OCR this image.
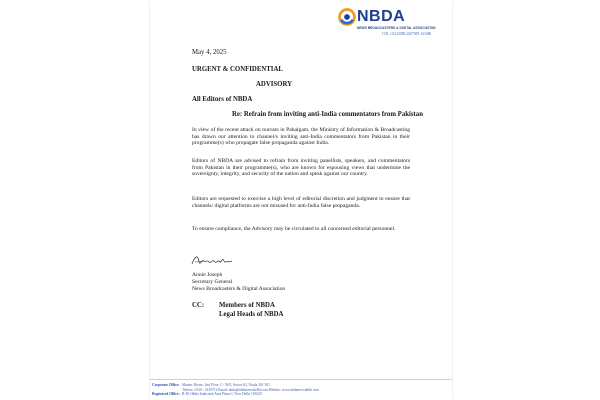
NBDA
NEWS BROADCASTERS & DIGITAL ASSOCIATION
CIN: U22100DL2007NPL163480
May 4, 2025
URGENT & CONFIDENTIAL
ADVISORY
All Editors of NBDA
Re: Refrain from inviting anti-India commentators from Pakistan
In view of the recent attack on tourists in Pahalgam, the Ministry of Information & Broadcasting has drawn our attention to channel/s inviting anti-India commentators from Pakistan in their programme(s) who propagate false propaganda against India.
Editors of NBDA are advised to refrain from inviting panellists, speakers, and commentators from Pakistan in their programme(s), who are known for espousing views that undermine the sovereignty, integrity, and security of the nation and speak against our country.
Editors are requested to exercise a high level of editorial discretion and judgment to ensure that channels/ digital platforms are not misused for anti-India false propaganda.
To ensure compliance, the Advisory may be circulated to all concerned editorial personnel.
Annie Joseph
Secretary General
News Broadcasters & Digital Association
CC: Members of NBDA
Legal Heads of NBDA
Corporate Office: Mantec House, 2nd Floor, C- 56/5, Sector 62, Noida 201 301
Telefax: 0120 - 4129712 Email: nbda@nbdanewsdelhi.com Website: www.nbdanewsdelhi.com
Registered Office: B-30 Okhla Industrial Area Phase I, New Delhi 110020
